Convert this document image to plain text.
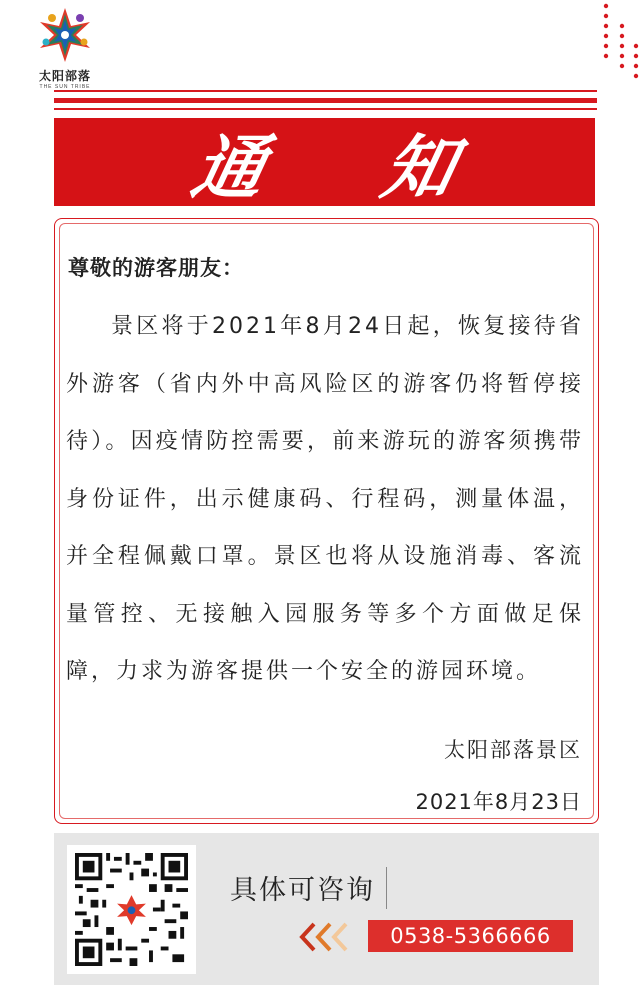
太阳部落
THE SUN TRIBE
通 知
尊敬的游客朋友：

景区将于2021年8月24日起，恢复接待省外游客（省内外中高风险区的游客仍将暂停接待）。因疫情防控需要，前来游玩的游客须携带身份证件，出示健康码、行程码，测量体温，并全程佩戴口罩。景区也将从设施消毒、客流量管控、无接触入园服务等多个方面做足保障，力求为游客提供一个安全的游园环境。

太阳部落景区
2021年8月23日
具体可咨询
0538-5366666
